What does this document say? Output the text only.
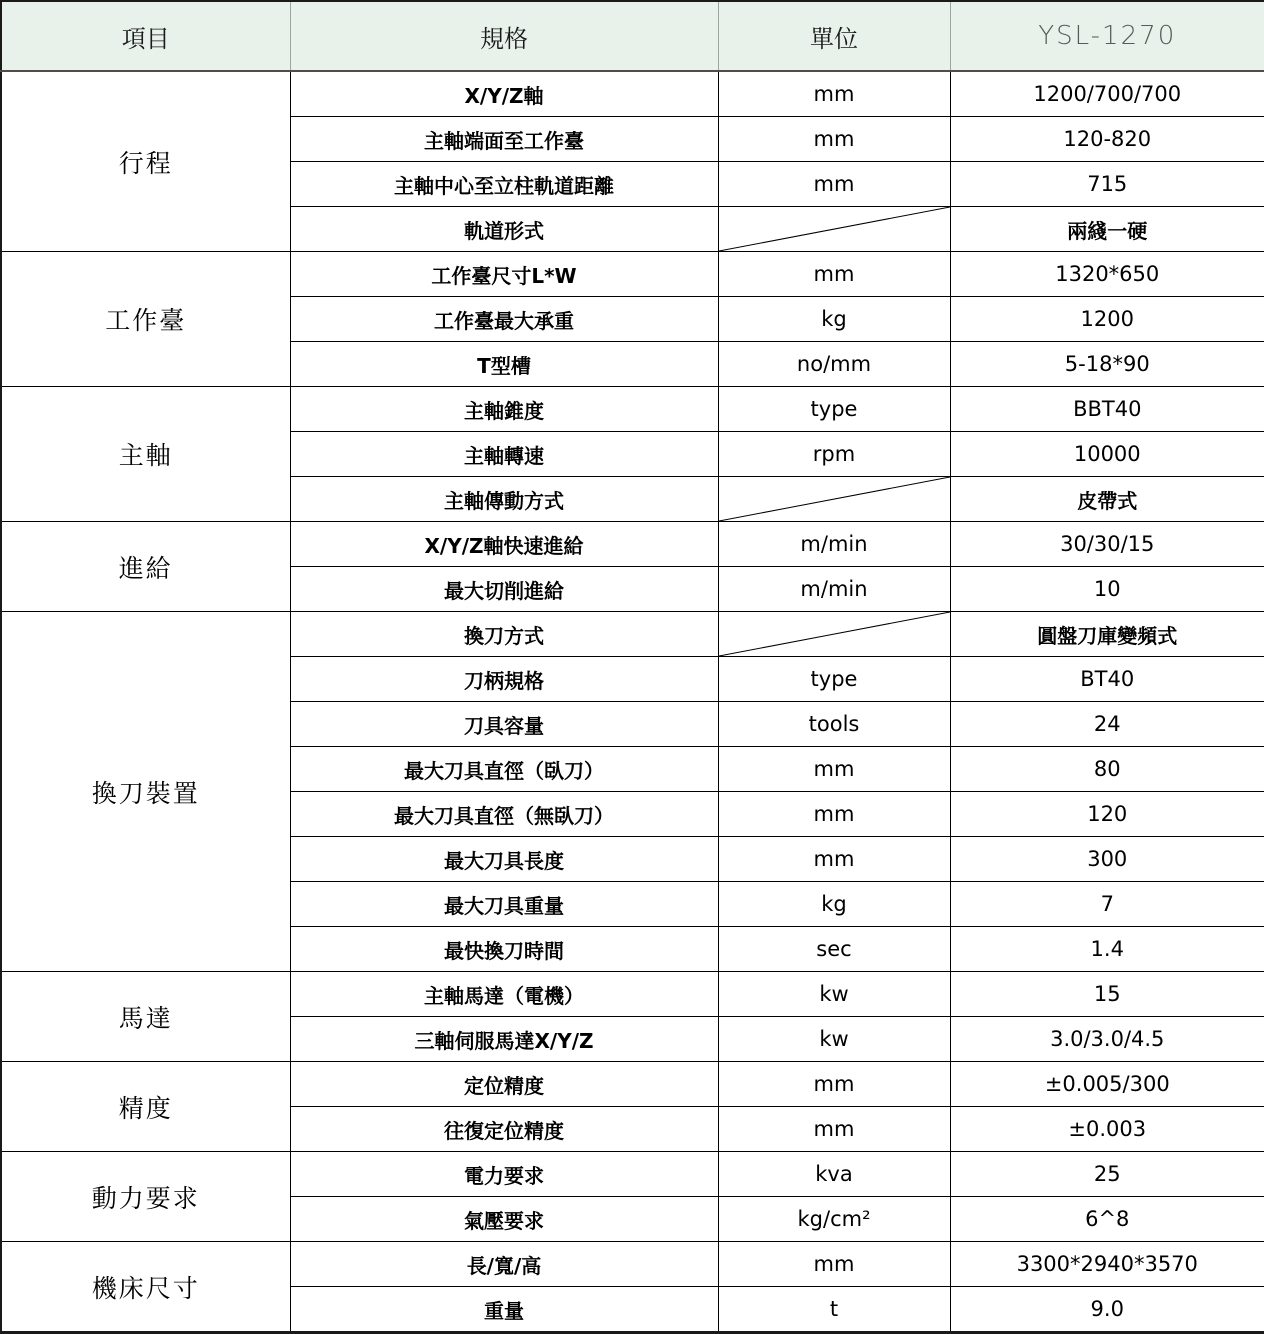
項目	規格	單位	YSL-1270
行程	X/Y/Z軸	mm	1200/700/700
	主軸端面至工作臺	mm	120-820
	主軸中心至立柱軌道距離	mm	715
	軌道形式		兩綫一硬
工作臺	工作臺尺寸L*W	mm	1320*650
	工作臺最大承重	kg	1200
	T型槽	no/mm	5-18*90
主軸	主軸錐度	type	BBT40
	主軸轉速	rpm	10000
	主軸傳動方式		皮帶式
進給	X/Y/Z軸快速進給	m/min	30/30/15
	最大切削進給	m/min	10
換刀裝置	換刀方式		圓盤刀庫變頻式
	刀柄規格	type	BT40
	刀具容量	tools	24
	最大刀具直徑（臥刀）	mm	80
	最大刀具直徑（無臥刀）	mm	120
	最大刀具長度	mm	300
	最大刀具重量	kg	7
	最快換刀時間	sec	1.4
馬達	主軸馬達（電機）	kw	15
	三軸伺服馬達X/Y/Z	kw	3.0/3.0/4.5
精度	定位精度	mm	±0.005/300
	往復定位精度	mm	±0.003
動力要求	電力要求	kva	25
	氣壓要求	kg/cm²	6^8
機床尺寸	長/寬/高	mm	3300*2940*3570
	重量	t	9.0
